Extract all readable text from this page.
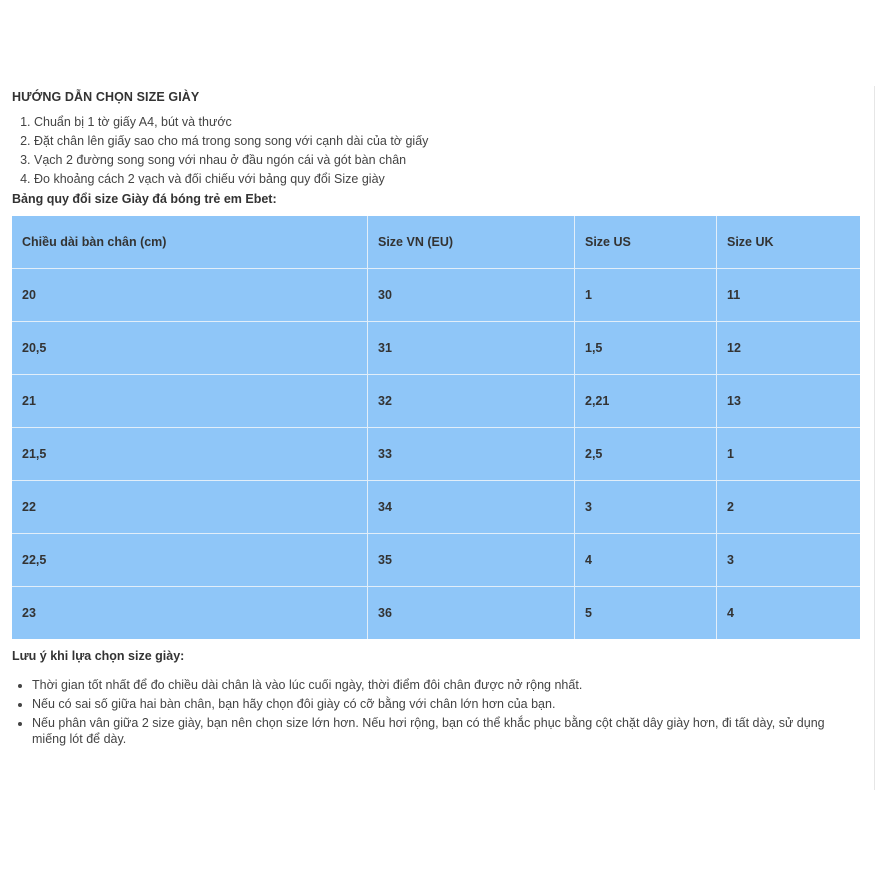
HƯỚNG DẪN CHỌN SIZE GIÀY
1. Chuẩn bị 1 tờ giấy A4, bút và thước
2. Đặt chân lên giấy sao cho má trong song song với cạnh dài của tờ giấy
3. Vạch 2 đường song song với nhau ở đầu ngón cái và gót bàn chân
4. Đo khoảng cách 2 vạch và đối chiếu với bảng quy đổi Size giày
Bảng quy đổi size Giày đá bóng trẻ em Ebet:
Chiều dài bàn chân (cm)	Size VN (EU)	Size US	Size UK
20	30	1	11
20,5	31	1,5	12
21	32	2,21	13
21,5	33	2,5	1
22	34	3	2
22,5	35	4	3
23	36	5	4
Lưu ý khi lựa chọn size giày:
• Thời gian tốt nhất để đo chiều dài chân là vào lúc cuối ngày, thời điểm đôi chân được nở rộng nhất.
• Nếu có sai số giữa hai bàn chân, bạn hãy chọn đôi giày có cỡ bằng với chân lớn hơn của bạn.
• Nếu phân vân giữa 2 size giày, bạn nên chọn size lớn hơn. Nếu hơi rộng, bạn có thể khắc phục bằng cột chặt dây giày hơn, đi tất dày, sử dụng miếng lót để dày.
